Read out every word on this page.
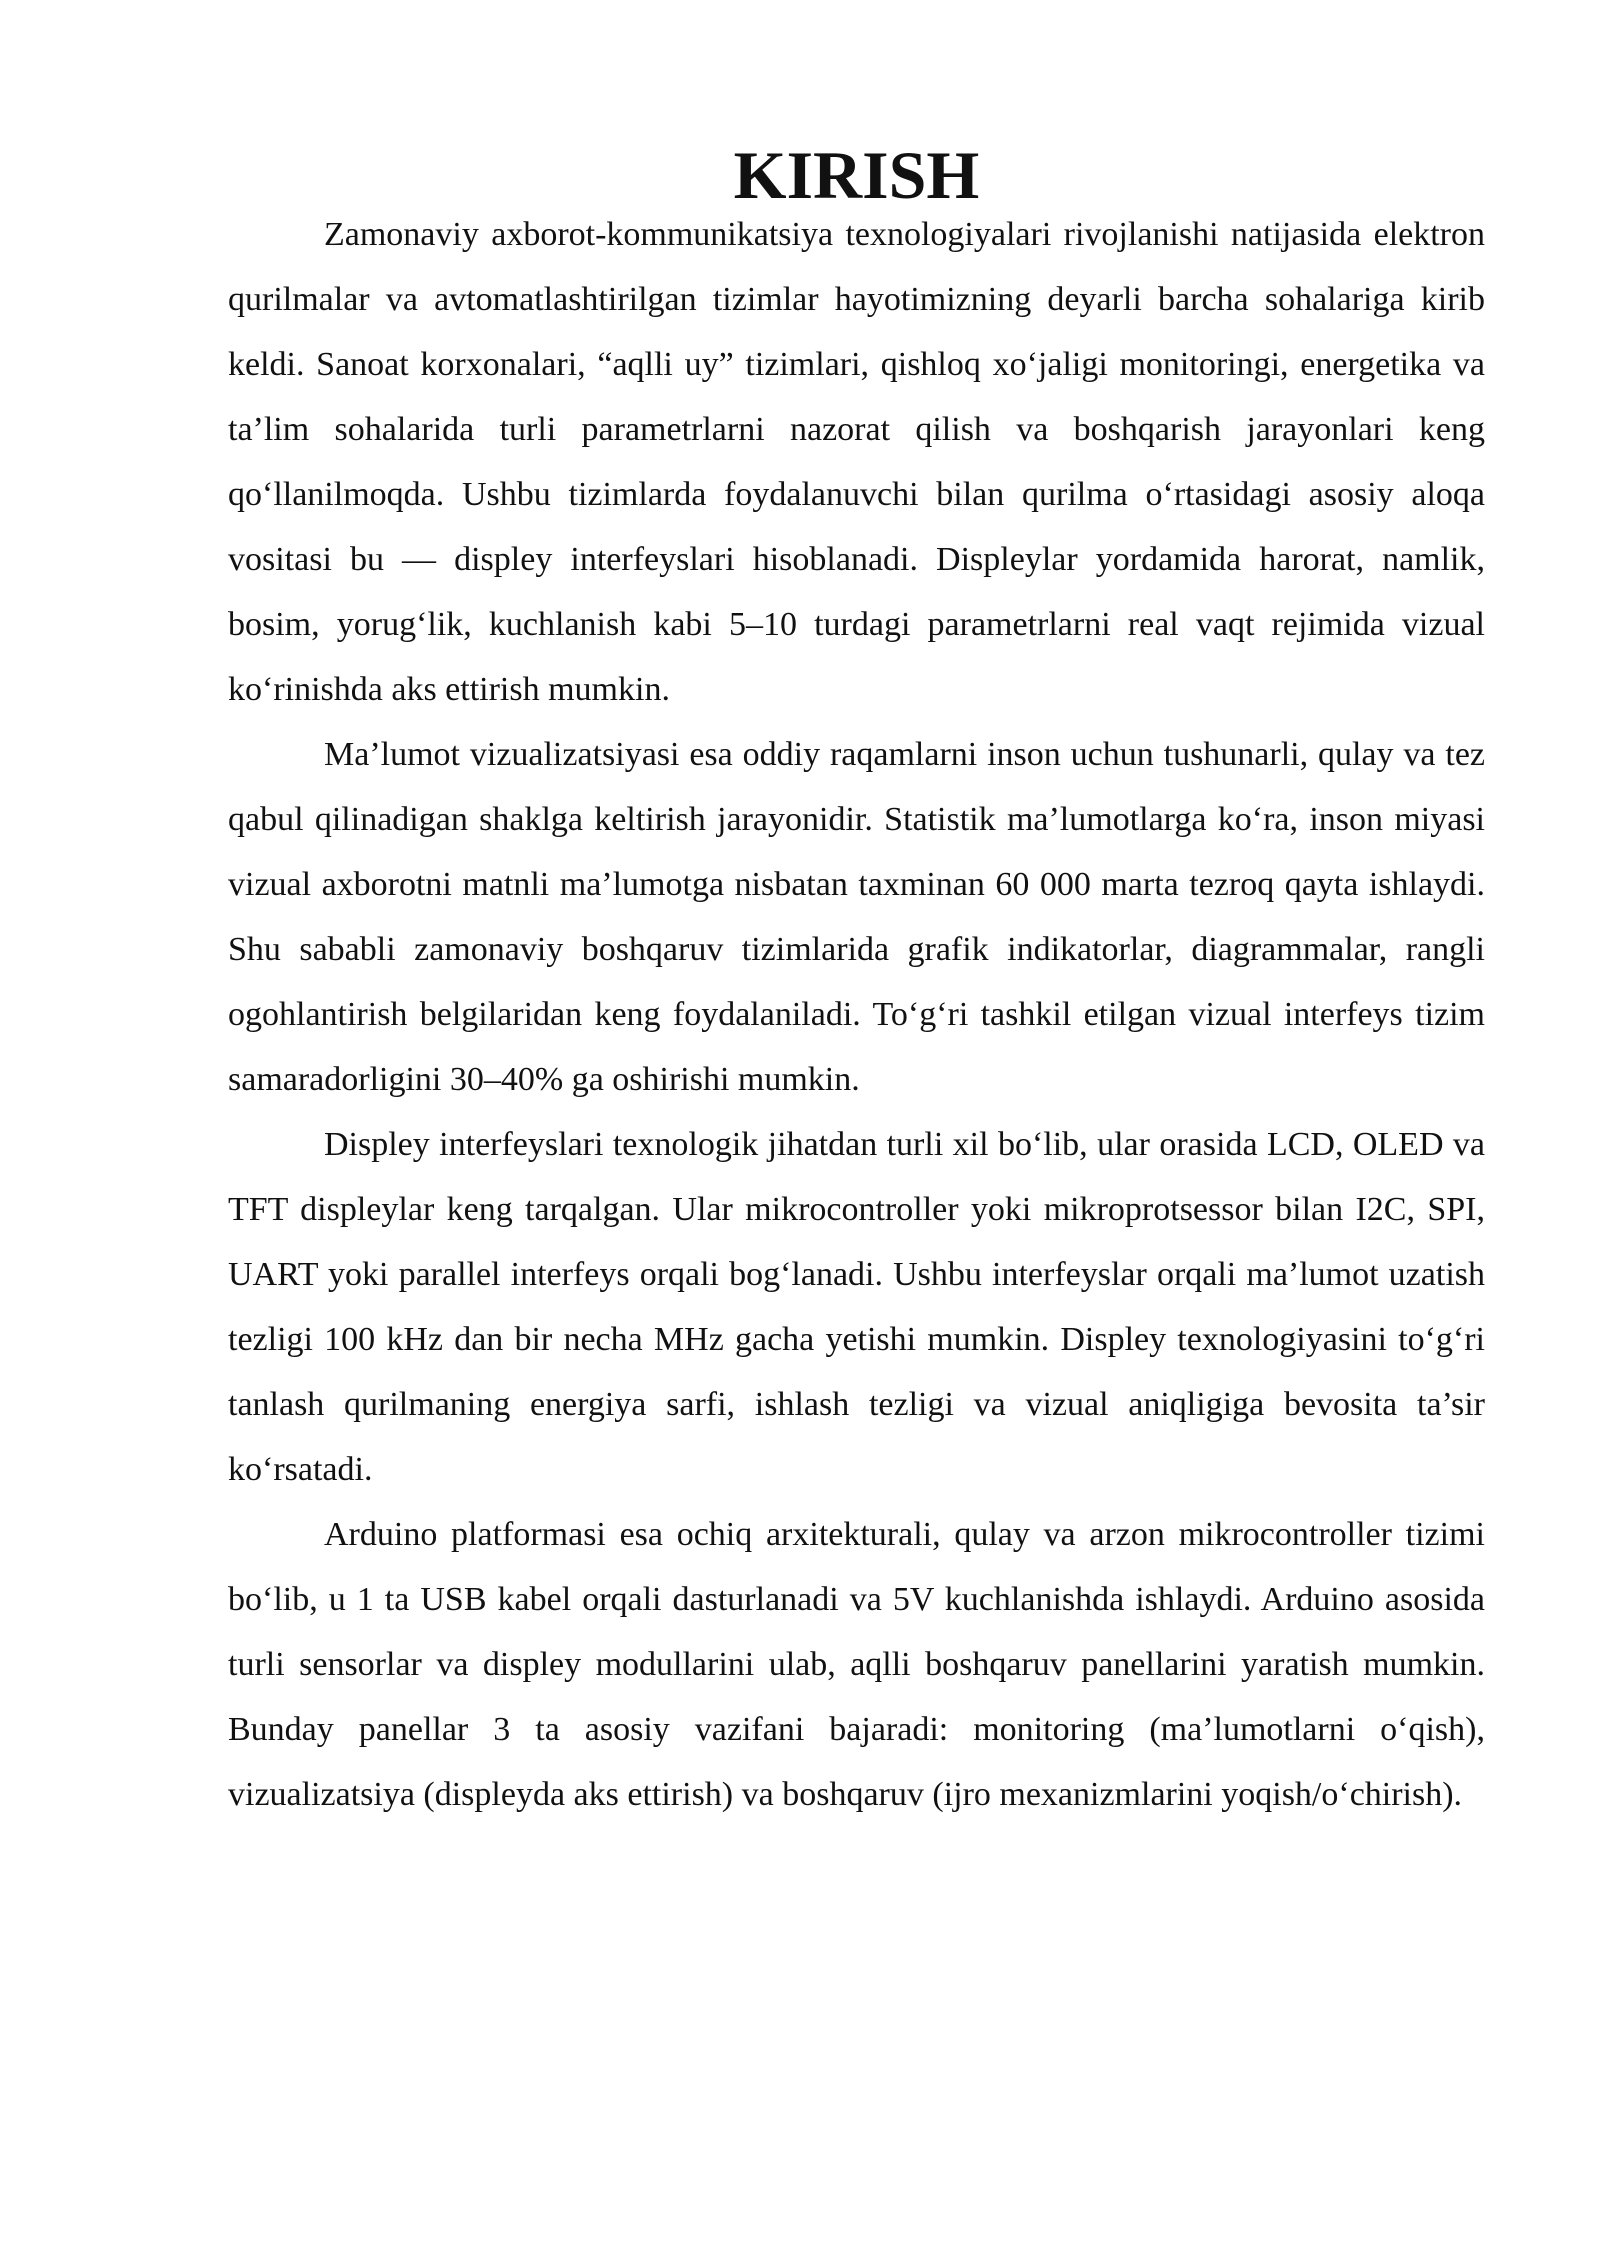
KIRISH

Zamonaviy axborot-kommunikatsiya texnologiyalari rivojlanishi natijasida elektron qurilmalar va avtomatlashtirilgan tizimlar hayotimizning deyarli barcha sohalariga kirib keldi. Sanoat korxonalari, “aqlli uy” tizimlari, qishloq xo‘jaligi monitoringi, energetika va ta’lim sohalarida turli parametrlarni nazorat qilish va boshqarish jarayonlari keng qo‘llanilmoqda. Ushbu tizimlarda foydalanuvchi bilan qurilma o‘rtasidagi asosiy aloqa vositasi bu — displey interfeyslari hisoblanadi. Displeylar yordamida harorat, namlik, bosim, yorug‘lik, kuchlanish kabi 5–10 turdagi parametrlarni real vaqt rejimida vizual ko‘rinishda aks ettirish mumkin.

Ma’lumot vizualizatsiyasi esa oddiy raqamlarni inson uchun tushunarli, qulay va tez qabul qilinadigan shaklga keltirish jarayonidir. Statistik ma’lumotlarga ko‘ra, inson miyasi vizual axborotni matnli ma’lumotga nisbatan taxminan 60 000 marta tezroq qayta ishlaydi. Shu sababli zamonaviy boshqaruv tizimlarida grafik indikatorlar, diagrammalar, rangli ogohlantirish belgilaridan keng foydalaniladi. To‘g‘ri tashkil etilgan vizual interfeys tizim samaradorligini 30–40% ga oshirishi mumkin.

Displey interfeyslari texnologik jihatdan turli xil bo‘lib, ular orasida LCD, OLED va TFT displeylar keng tarqalgan. Ular mikrocontroller yoki mikroprotsessor bilan I2C, SPI, UART yoki parallel interfeys orqali bog‘lanadi. Ushbu interfeyslar orqali ma’lumot uzatish tezligi 100 kHz dan bir necha MHz gacha yetishi mumkin. Displey texnologiyasini to‘g‘ri tanlash qurilmaning energiya sarfi, ishlash tezligi va vizual aniqligiga bevosita ta’sir ko‘rsatadi.

Arduino platformasi esa ochiq arxitekturali, qulay va arzon mikrocontroller tizimi bo‘lib, u 1 ta USB kabel orqali dasturlanadi va 5V kuchlanishda ishlaydi. Arduino asosida turli sensorlar va displey modullarini ulab, aqlli boshqaruv panellarini yaratish mumkin. Bunday panellar 3 ta asosiy vazifani bajaradi: monitoring (ma’lumotlarni o‘qish), vizualizatsiya (displeyda aks ettirish) va boshqaruv (ijro mexanizmlarini yoqish/o‘chirish).
